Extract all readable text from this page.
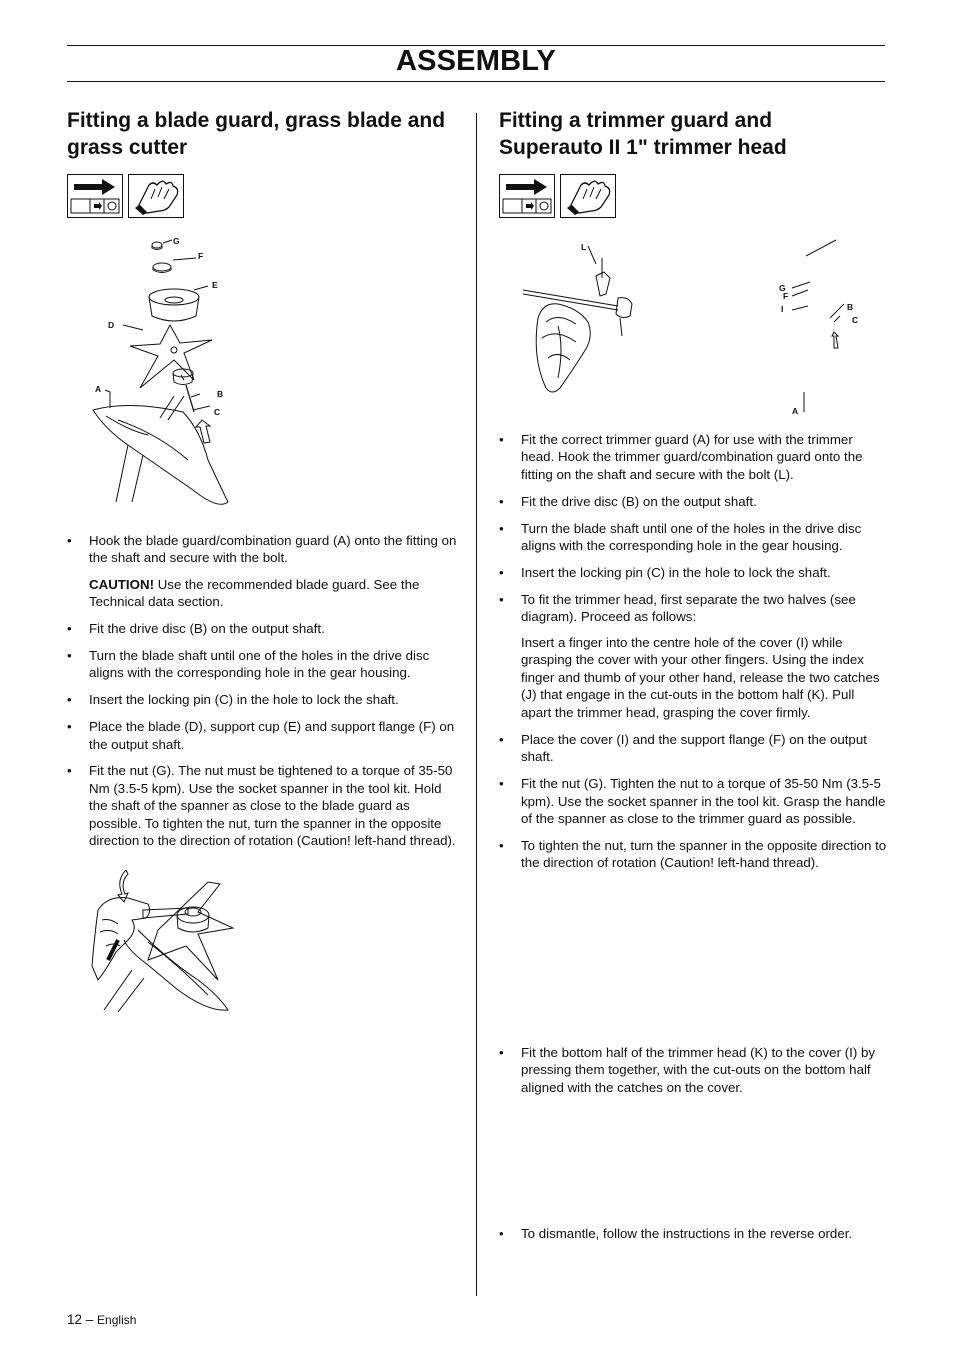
ASSEMBLY
Fitting a blade guard, grass blade and grass cutter
G
F
E
D
A	B
C
• Hook the blade guard/combination guard (A) onto the fitting on the shaft and secure with the bolt.

CAUTION! Use the recommended blade guard. See the Technical data section.

• Fit the drive disc (B) on the output shaft.
• Turn the blade shaft until one of the holes in the drive disc aligns with the corresponding hole in the gear housing.
• Insert the locking pin (C) in the hole to lock the shaft.
• Place the blade (D), support cup (E) and support flange (F) on the output shaft.
• Fit the nut (G). The nut must be tightened to a torque of 35-50 Nm (3.5-5 kpm). Use the socket spanner in the tool kit. Hold the shaft of the spanner as close to the blade guard as possible. To tighten the nut, turn the spanner in the opposite direction to the direction of rotation (Caution! left-hand thread).
Fitting a trimmer guard and Superauto II 1" trimmer head
L
G
F
I	B
C
A
• Fit the correct trimmer guard (A) for use with the trimmer head. Hook the trimmer guard/combination guard onto the fitting on the shaft and secure with the bolt (L).
• Fit the drive disc (B) on the output shaft.
• Turn the blade shaft until one of the holes in the drive disc aligns with the corresponding hole in the gear housing.
• Insert the locking pin (C) in the hole to lock the shaft.
• To fit the trimmer head, first separate the two halves (see diagram). Proceed as follows:

Insert a finger into the centre hole of the cover (I) while grasping the cover with your other fingers. Using the index finger and thumb of your other hand, release the two catches (J) that engage in the cut-outs in the bottom half (K). Pull apart the trimmer head, grasping the cover firmly.

• Place the cover (I) and the support flange (F) on the output shaft.
• Fit the nut (G). Tighten the nut to a torque of 35-50 Nm (3.5-5 kpm). Use the socket spanner in the tool kit. Grasp the handle of the spanner as close to the trimmer guard as possible.
• To tighten the nut, turn the spanner in the opposite direction to the direction of rotation (Caution! left-hand thread).
• Fit the bottom half of the trimmer head (K) to the cover (I) by pressing them together, with the cut-outs on the bottom half aligned with the catches on the cover.
• To dismantle, follow the instructions in the reverse order.
12 – English
